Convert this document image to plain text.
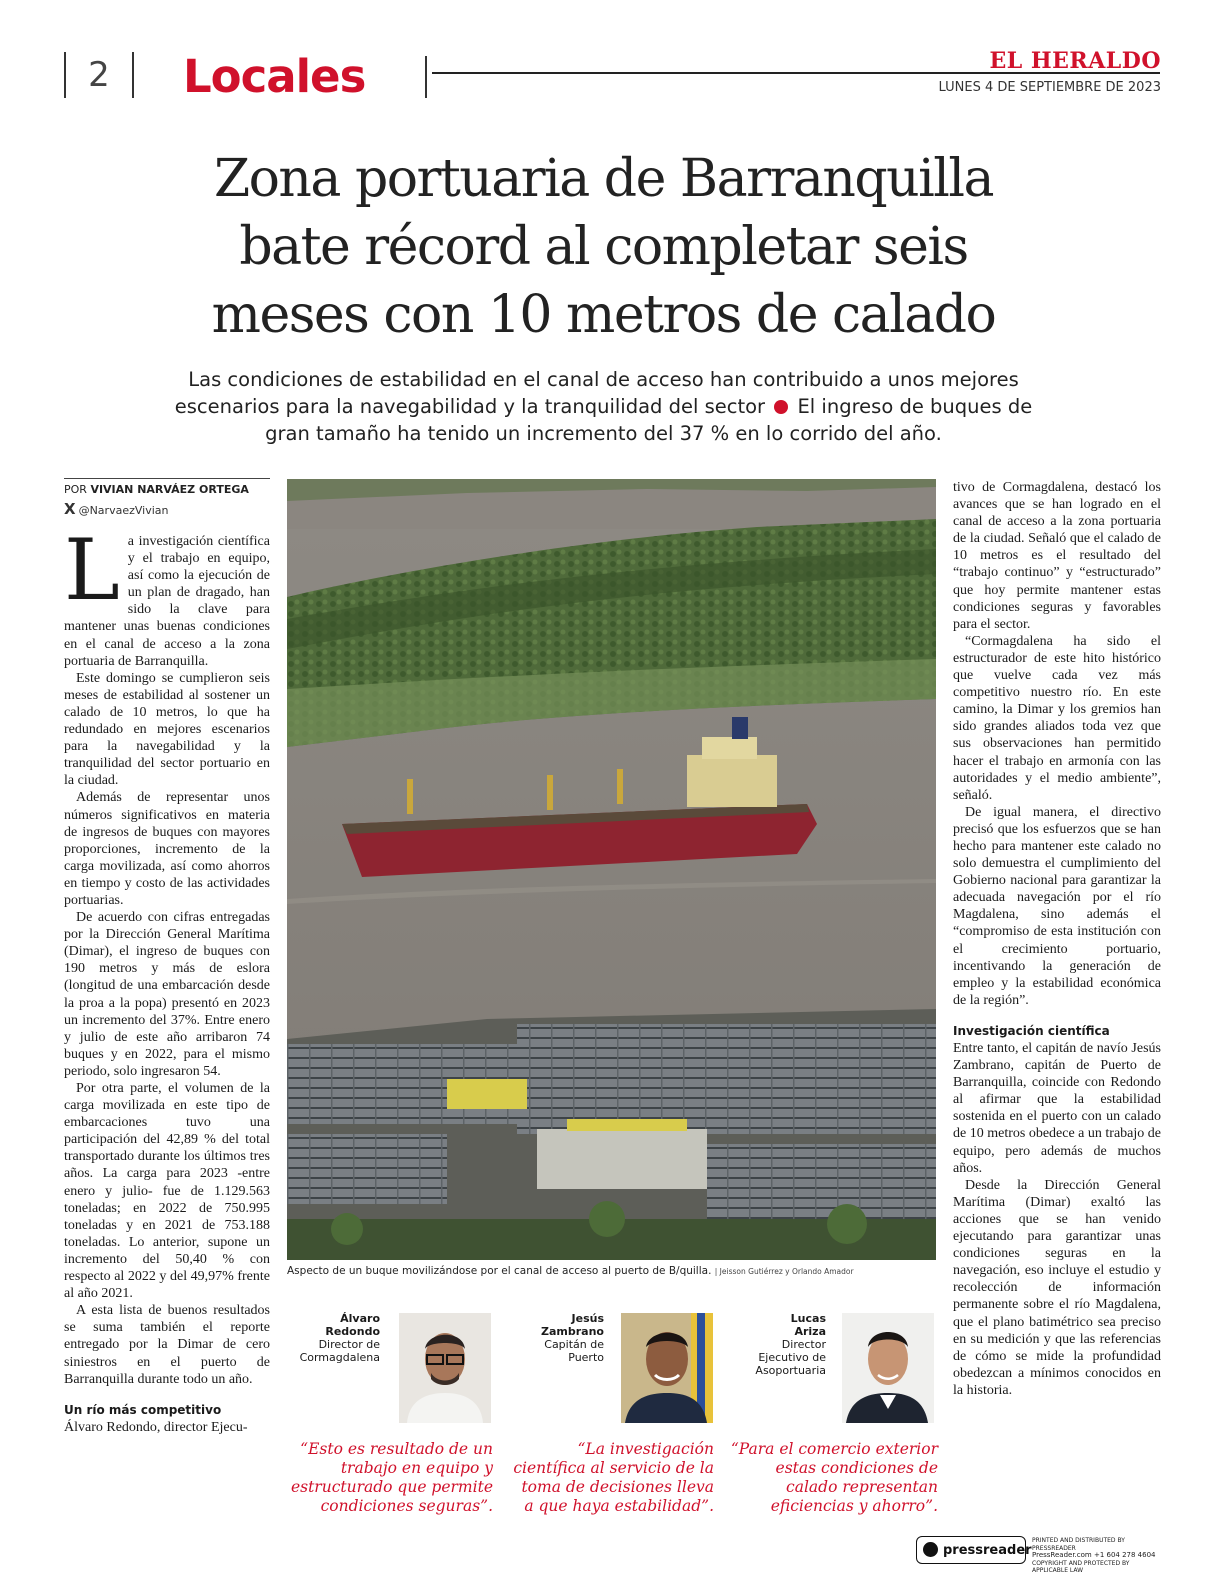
2	Locales	EL HERALDO
LUNES 4 DE SEPTIEMBRE DE 2023
Zona portuaria de Barranquilla
bate récord al completar seis
meses con 10 metros de calado
Las condiciones de estabilidad en el canal de acceso han contribuido a unos mejores escenarios para la navegabilidad y la tranquilidad del sector El ingreso de buques de gran tamaño ha tenido un incremento del 37 % en lo corrido del año.
POR VIVIAN NARVÁEZ ORTEGA
X @NarvaezVivian

La investigación científica y el trabajo en equipo, así como la ejecución de un plan de dragado, han sido la clave para mantener unas buenas condiciones en el canal de acceso a la zona portuaria de Barranquilla.

Este domingo se cumplieron seis meses de estabilidad al sostener un calado de 10 metros, lo que ha redundado en mejores escenarios para la navegabilidad y la tranquilidad del sector portuario en la ciudad.

Además de representar unos números significativos en materia de ingresos de buques con mayores proporciones, incremento de la carga movilizada, así como ahorros en tiempo y costo de las actividades portuarias.

De acuerdo con cifras entregadas por la Dirección General Marítima (Dimar), el ingreso de buques con 190 metros y más de eslora (longitud de una embarcación desde la proa a la popa) presentó en 2023 un incremento del 37%. Entre enero y julio de este año arribaron 74 buques y en 2022, para el mismo periodo, solo ingresaron 54.

Por otra parte, el volumen de la carga movilizada en este tipo de embarcaciones tuvo una participación del 42,89 % del total transportado durante los últimos tres años. La carga para 2023 -entre enero y julio- fue de 1.129.563 toneladas; en 2022 de 750.995 toneladas y en 2021 de 753.188 toneladas. Lo anterior, supone un incremento del 50,40 % con respecto al 2022 y del 49,97% frente al año 2021.

A esta lista de buenos resultados se suma también el reporte entregado por la Dimar de cero siniestros en el puerto de Barranquilla durante todo un año.

Un río más competitivo

Álvaro Redondo, director Ejecu-

Aspecto de un buque movilizándose por el canal de acceso al puerto de B/quilla. | Jeisson Gutiérrez y Orlando Amador
Álvaro
Redondo
Director de
Cormagdalena
Jesús
Zambrano
Capitán de
Puerto
Lucas
Ariza
Director
Ejecutivo de
Asoportuaria
“Esto es resultado de un trabajo en equipo y estructurado que permite condiciones seguras”.
“La investigación científica al servicio de la toma de decisiones lleva a que haya estabilidad”.
“Para el comercio exterior estas condiciones de calado representan eficiencias y ahorro”.

tivo de Cormagdalena, destacó los avances que se han logrado en el canal de acceso a la zona portuaria de la ciudad. Señaló que el calado de 10 metros es el resultado del “trabajo continuo” y “estructurado” que hoy permite mantener estas condiciones seguras y favorables para el sector.

“Cormagdalena ha sido el estructurador de este hito histórico que vuelve cada vez más competitivo nuestro río. En este camino, la Dimar y los gremios han sido grandes aliados toda vez que sus observaciones han permitido hacer el trabajo en armonía con las autoridades y el medio ambiente”, señaló.

De igual manera, el directivo precisó que los esfuerzos que se han hecho para mantener este calado no solo demuestra el cumplimiento del Gobierno nacional para garantizar la adecuada navegación por el río Magdalena, sino además el “compromiso de esta institución con el crecimiento portuario, incentivando la generación de empleo y la estabilidad económica de la región”.

Investigación científica

Entre tanto, el capitán de navío Jesús Zambrano, capitán de Puerto de Barranquilla, coincide con Redondo al afirmar que la estabilidad sostenida en el puerto con un calado de 10 metros obedece a un trabajo de equipo, pero además de muchos años.

Desde la Dirección General Marítima (Dimar) exaltó las acciones que se han venido ejecutando para garantizar unas condiciones seguras en la navegación, eso incluye el estudio y recolección de información permanente sobre el río Magdalena, que el plano batimétrico sea preciso en su medición y que las referencias de cómo se mide la profundidad obedezcan a mínimos conocidos en la historia.

pressreader
PRINTED AND DISTRIBUTED BY PRESSREADER
PressReader.com +1 604 278 4604
COPYRIGHT AND PROTECTED BY APPLICABLE LAW
